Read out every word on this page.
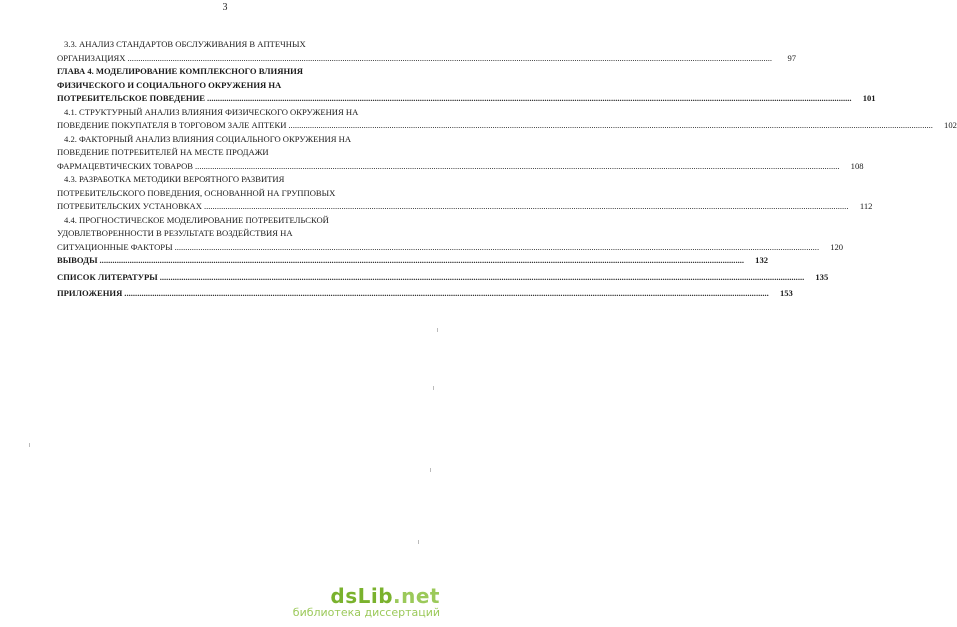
3
3.3. АНАЛИЗ СТАНДАРТОВ ОБСЛУЖИВАНИЯ В АПТЕЧНЫХ
ОРГАНИЗАЦИЯХ ............................................................................................................................................................................................................................................................................................................	97
ГЛАВА 4. МОДЕЛИРОВАНИЕ КОМПЛЕКСНОГО ВЛИЯНИЯ
ФИЗИЧЕСКОГО И СОЦИАЛЬНОГО ОКРУЖЕНИЯ НА
ПОТРЕБИТЕЛЬСКОЕ ПОВЕДЕНИЕ ............................................................................................................................................................................................................................................................................................................	101
4.1. СТРУКТУРНЫЙ АНАЛИЗ ВЛИЯНИЯ ФИЗИЧЕСКОГО ОКРУЖЕНИЯ НА
ПОВЕДЕНИЕ ПОКУПАТЕЛЯ В ТОРГОВОМ ЗАЛЕ АПТЕКИ ............................................................................................................................................................................................................................................................................................................	102
4.2. ФАКТОРНЫЙ АНАЛИЗ ВЛИЯНИЯ СОЦИАЛЬНОГО ОКРУЖЕНИЯ НА
ПОВЕДЕНИЕ ПОТРЕБИТЕЛЕЙ НА МЕСТЕ ПРОДАЖИ
ФАРМАЦЕВТИЧЕСКИХ ТОВАРОВ ............................................................................................................................................................................................................................................................................................................	108
4.3. РАЗРАБОТКА МЕТОДИКИ ВЕРОЯТНОГО РАЗВИТИЯ
ПОТРЕБИТЕЛЬСКОГО ПОВЕДЕНИЯ, ОСНОВАННОЙ НА ГРУППОВЫХ
ПОТРЕБИТЕЛЬСКИХ УСТАНОВКАХ ............................................................................................................................................................................................................................................................................................................	112
4.4. ПРОГНОСТИЧЕСКОЕ МОДЕЛИРОВАНИЕ ПОТРЕБИТЕЛЬСКОЙ
УДОВЛЕТВОРЕННОСТИ В РЕЗУЛЬТАТЕ ВОЗДЕЙСТВИЯ НА
СИТУАЦИОННЫЕ ФАКТОРЫ ............................................................................................................................................................................................................................................................................................................	120
ВЫВОДЫ ............................................................................................................................................................................................................................................................................................................	132
СПИСОК ЛИТЕРАТУРЫ ............................................................................................................................................................................................................................................................................................................	135
ПРИЛОЖЕНИЯ ............................................................................................................................................................................................................................................................................................................	153
dsLib.net
библиотека диссертаций
